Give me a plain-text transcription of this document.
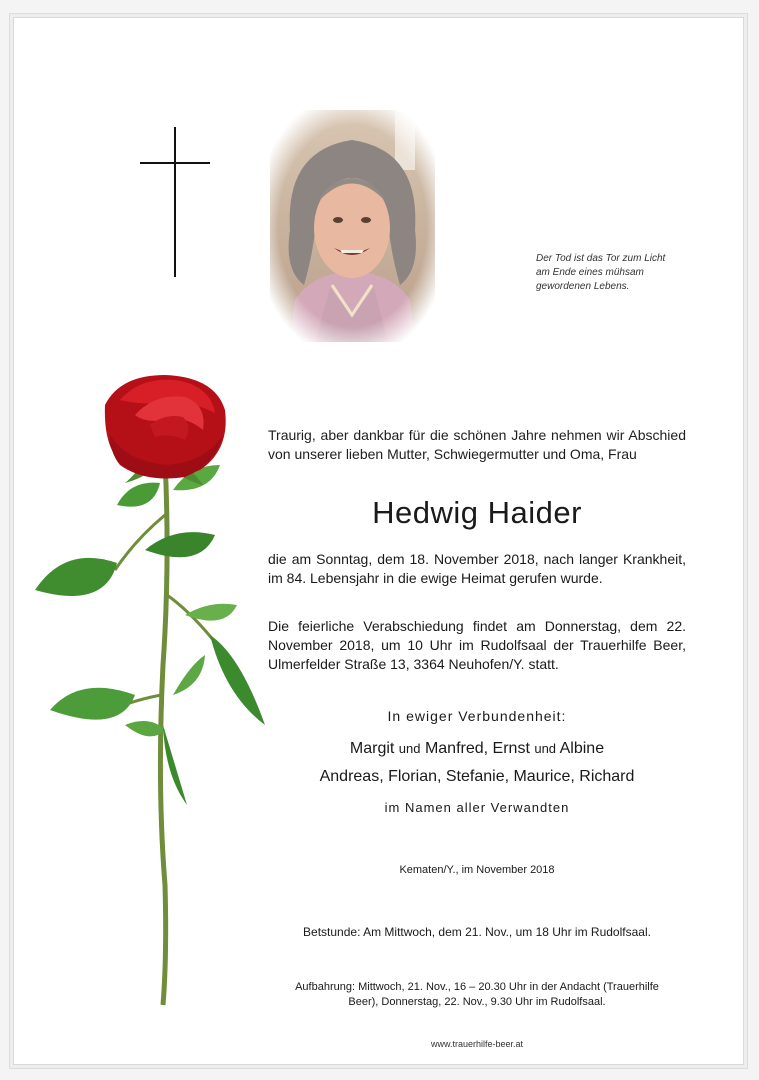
Der Tod ist das Tor zum Licht
am Ende eines mühsam
gewordenen Lebens.
Traurig, aber dankbar für die schönen Jahre nehmen wir Abschied von unserer lieben Mutter, Schwiegermutter und Oma, Frau
Hedwig Haider
die am Sonntag, dem 18. November 2018, nach langer Krankheit, im 84. Lebensjahr in die ewige Heimat gerufen wurde.
Die feierliche Verabschiedung findet am Donnerstag, dem 22. November 2018, um 10 Uhr im Rudolfsaal der Trauerhilfe Beer, Ulmerfelder Straße 13, 3364 Neuhofen/Y. statt.
In ewiger Verbundenheit:
Margit und Manfred, Ernst und Albine
Andreas, Florian, Stefanie, Maurice, Richard
im Namen aller Verwandten
Kematen/Y., im November 2018
Betstunde: Am Mittwoch, dem 21. Nov., um 18 Uhr im Rudolfsaal.
Aufbahrung: Mittwoch, 21. Nov., 16 – 20.30 Uhr in der Andacht (Trauerhilfe
Beer), Donnerstag, 22. Nov., 9.30 Uhr im Rudolfsaal.
www.trauerhilfe-beer.at
